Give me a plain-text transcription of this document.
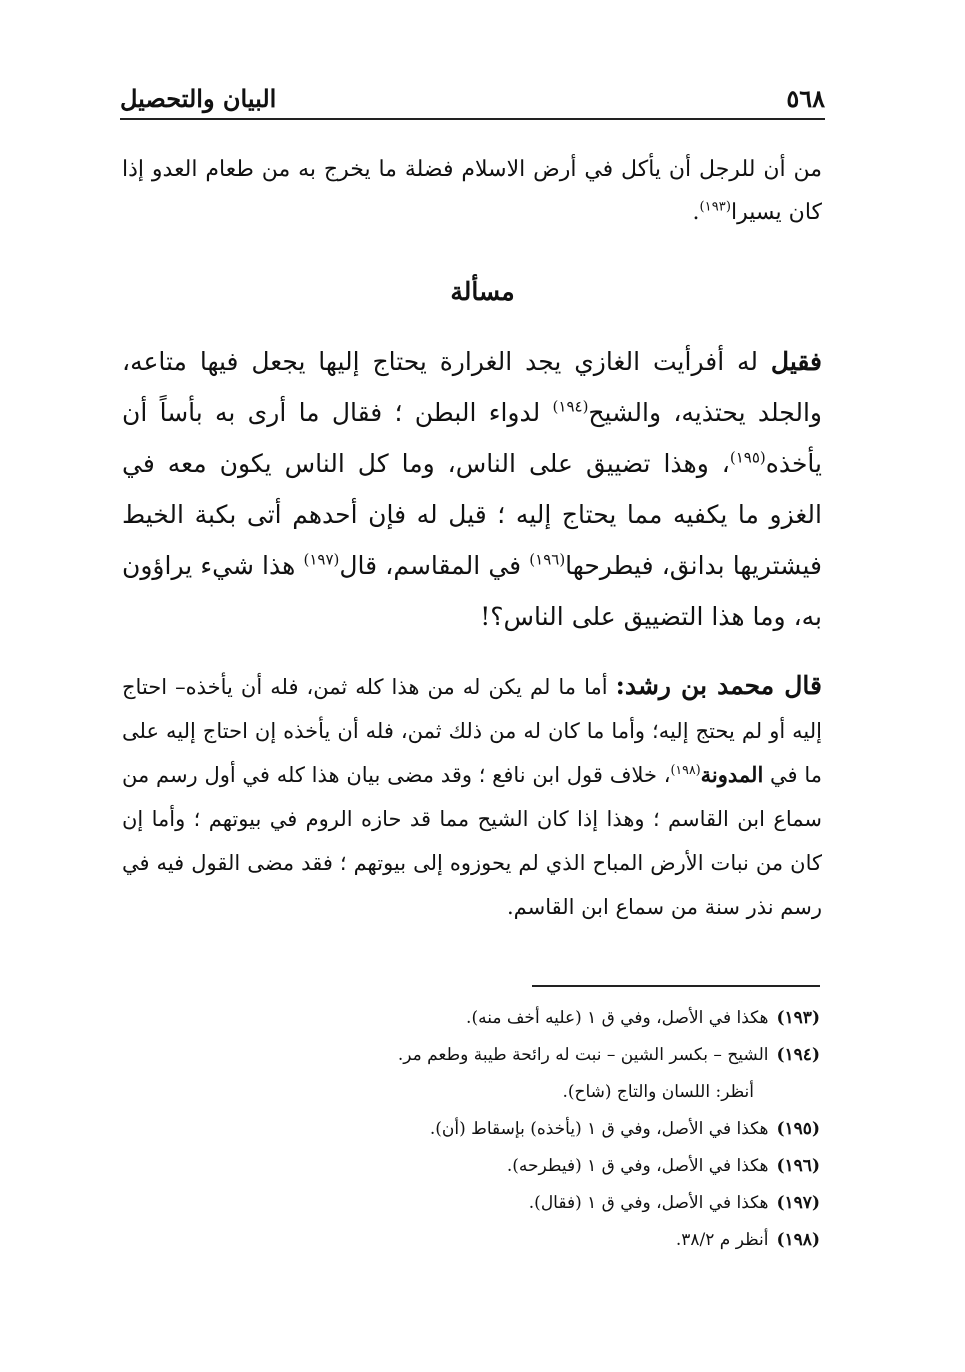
البيان والتحصيل	٥٦٨

من أن للرجل أن يأكل في أرض الاسلام فضلة ما يخرج به من طعام العدو إذا كان يسيرا$^{(١٩٣)}$.

مسألة

فقيل له أفرأيت الغازي يجد الغرارة يحتاج إليها يجعل فيها متاعه، والجلد يحتذيه، والشيح$^{(١٩٤)}$ لدواء البطن ؛ فقال ما أرى به بأساً أن يأخذه$^{(١٩٥)}$، وهذا تضييق على الناس، وما كل الناس يكون معه في الغزو ما يكفيه مما يحتاج إليه ؛ قيل له فإن أحدهم أتى بكبة الخيط فيشتريها بدانق، فيطرحها$^{(١٩٦)}$ في المقاسم، قال$^{(١٩٧)}$ هذا شيء يراؤون به، وما هذا التضييق على الناس؟!

قال محمد بن رشد: أما ما لم يكن له من هذا كله ثمن، فله أن يأخذه– احتاج إليه أو لم يحتج إليه؛ وأما ما كان له من ذلك ثمن، فله أن يأخذه إن احتاج إليه على ما في المدونة$^{(١٩٨)}$، خلاف قول ابن نافع ؛ وقد مضى بيان هذا كله في أول رسم من سماع ابن القاسم ؛ وهذا إذا كان الشيح مما قد حازه الروم في بيوتهم ؛ وأما إن كان من نبات الأرض المباح الذي لم يحوزوه إلى بيوتهم ؛ فقد مضى القول فيه في رسم نذر سنة من سماع ابن القاسم.

(١٩٣)هكذا في الأصل، وفي ق ١ (عليه أخف منه).
(١٩٤)الشيح – بكسر الشين – نبت له رائحة طيبة وطعم مر.
أنظر: اللسان والتاج (شاح).
(١٩٥)هكذا في الأصل، وفي ق ١ (يأخذه) بإسقاط (أن).
(١٩٦)هكذا في الأصل، وفي ق ١ (فيطرحه).
(١٩٧)هكذا في الأصل، وفي ق ١ (فقال).
(١٩٨)أنظر م ٣٨/٢.
